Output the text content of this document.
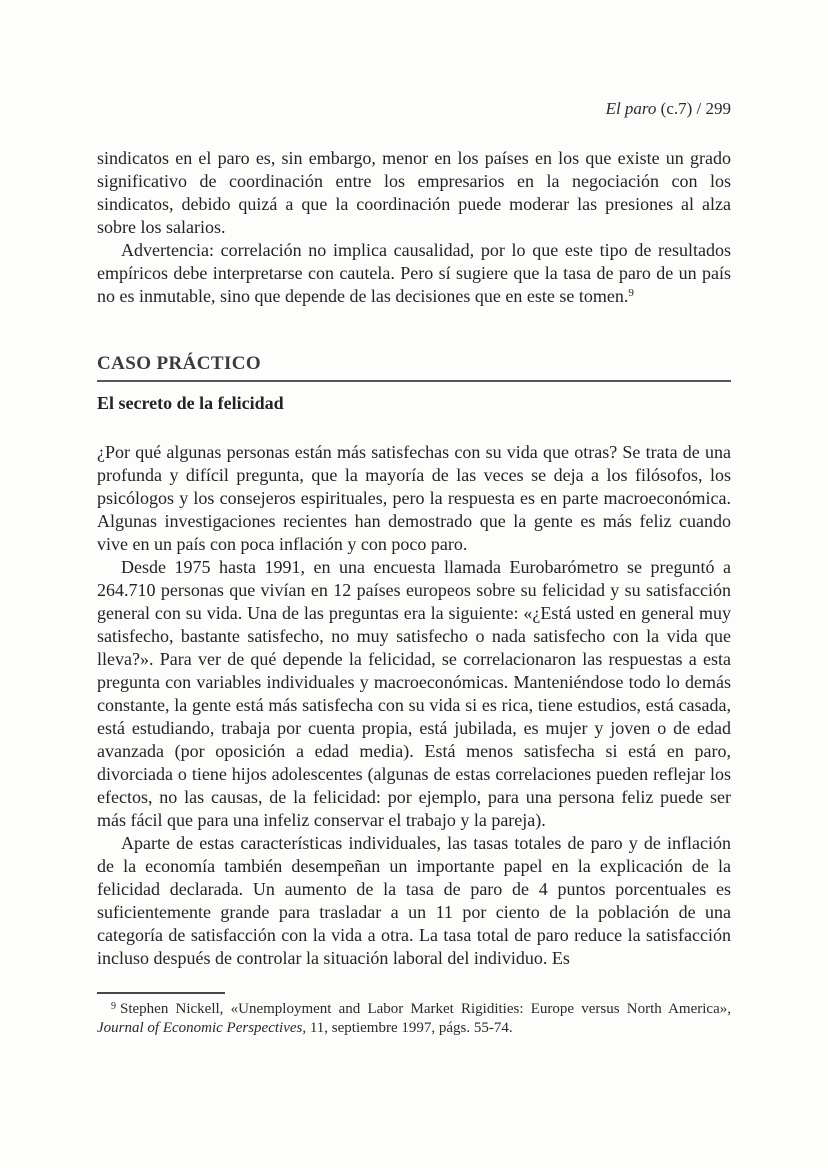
El paro (c.7) / 299

sindicatos en el paro es, sin embargo, menor en los países en los que existe un grado significativo de coordinación entre los empresarios en la negociación con los sindicatos, debido quizá a que la coordinación puede moderar las presiones al alza sobre los salarios.

Advertencia: correlación no implica causalidad, por lo que este tipo de resultados empíricos debe interpretarse con cautela. Pero sí sugiere que la tasa de paro de un país no es inmutable, sino que depende de las decisiones que en este se tomen.$^9$

CASO PRÁCTICO
El secreto de la felicidad

¿Por qué algunas personas están más satisfechas con su vida que otras? Se trata de una profunda y difícil pregunta, que la mayoría de las veces se deja a los filósofos, los psicólogos y los consejeros espirituales, pero la respuesta es en parte macroeconómica. Algunas investigaciones recientes han demostrado que la gente es más feliz cuando vive en un país con poca inflación y con poco paro.

Desde 1975 hasta 1991, en una encuesta llamada Eurobarómetro se preguntó a 264.710 personas que vivían en 12 países europeos sobre su felicidad y su satisfacción general con su vida. Una de las preguntas era la siguiente: «¿Está usted en general muy satisfecho, bastante satisfecho, no muy satisfecho o nada satisfecho con la vida que lleva?». Para ver de qué depende la felicidad, se correlacionaron las respuestas a esta pregunta con variables individuales y macroeconómicas. Manteniéndose todo lo demás constante, la gente está más satisfecha con su vida si es rica, tiene estudios, está casada, está estudiando, trabaja por cuenta propia, está jubilada, es mujer y joven o de edad avanzada (por oposición a edad media). Está menos satisfecha si está en paro, divorciada o tiene hijos adolescentes (algunas de estas correlaciones pueden reflejar los efectos, no las causas, de la felicidad: por ejemplo, para una persona feliz puede ser más fácil que para una infeliz conservar el trabajo y la pareja).

Aparte de estas características individuales, las tasas totales de paro y de inflación de la economía también desempeñan un importante papel en la explicación de la felicidad declarada. Un aumento de la tasa de paro de 4 puntos porcentuales es suficientemente grande para trasladar a un 11 por ciento de la población de una categoría de satisfacción con la vida a otra. La tasa total de paro reduce la satisfacción incluso después de controlar la situación laboral del individuo. Es

$^9$ Stephen Nickell, «Unemployment and Labor Market Rigidities: Europe versus North America», Journal of Economic Perspectives, 11, septiembre 1997, págs. 55-74.
